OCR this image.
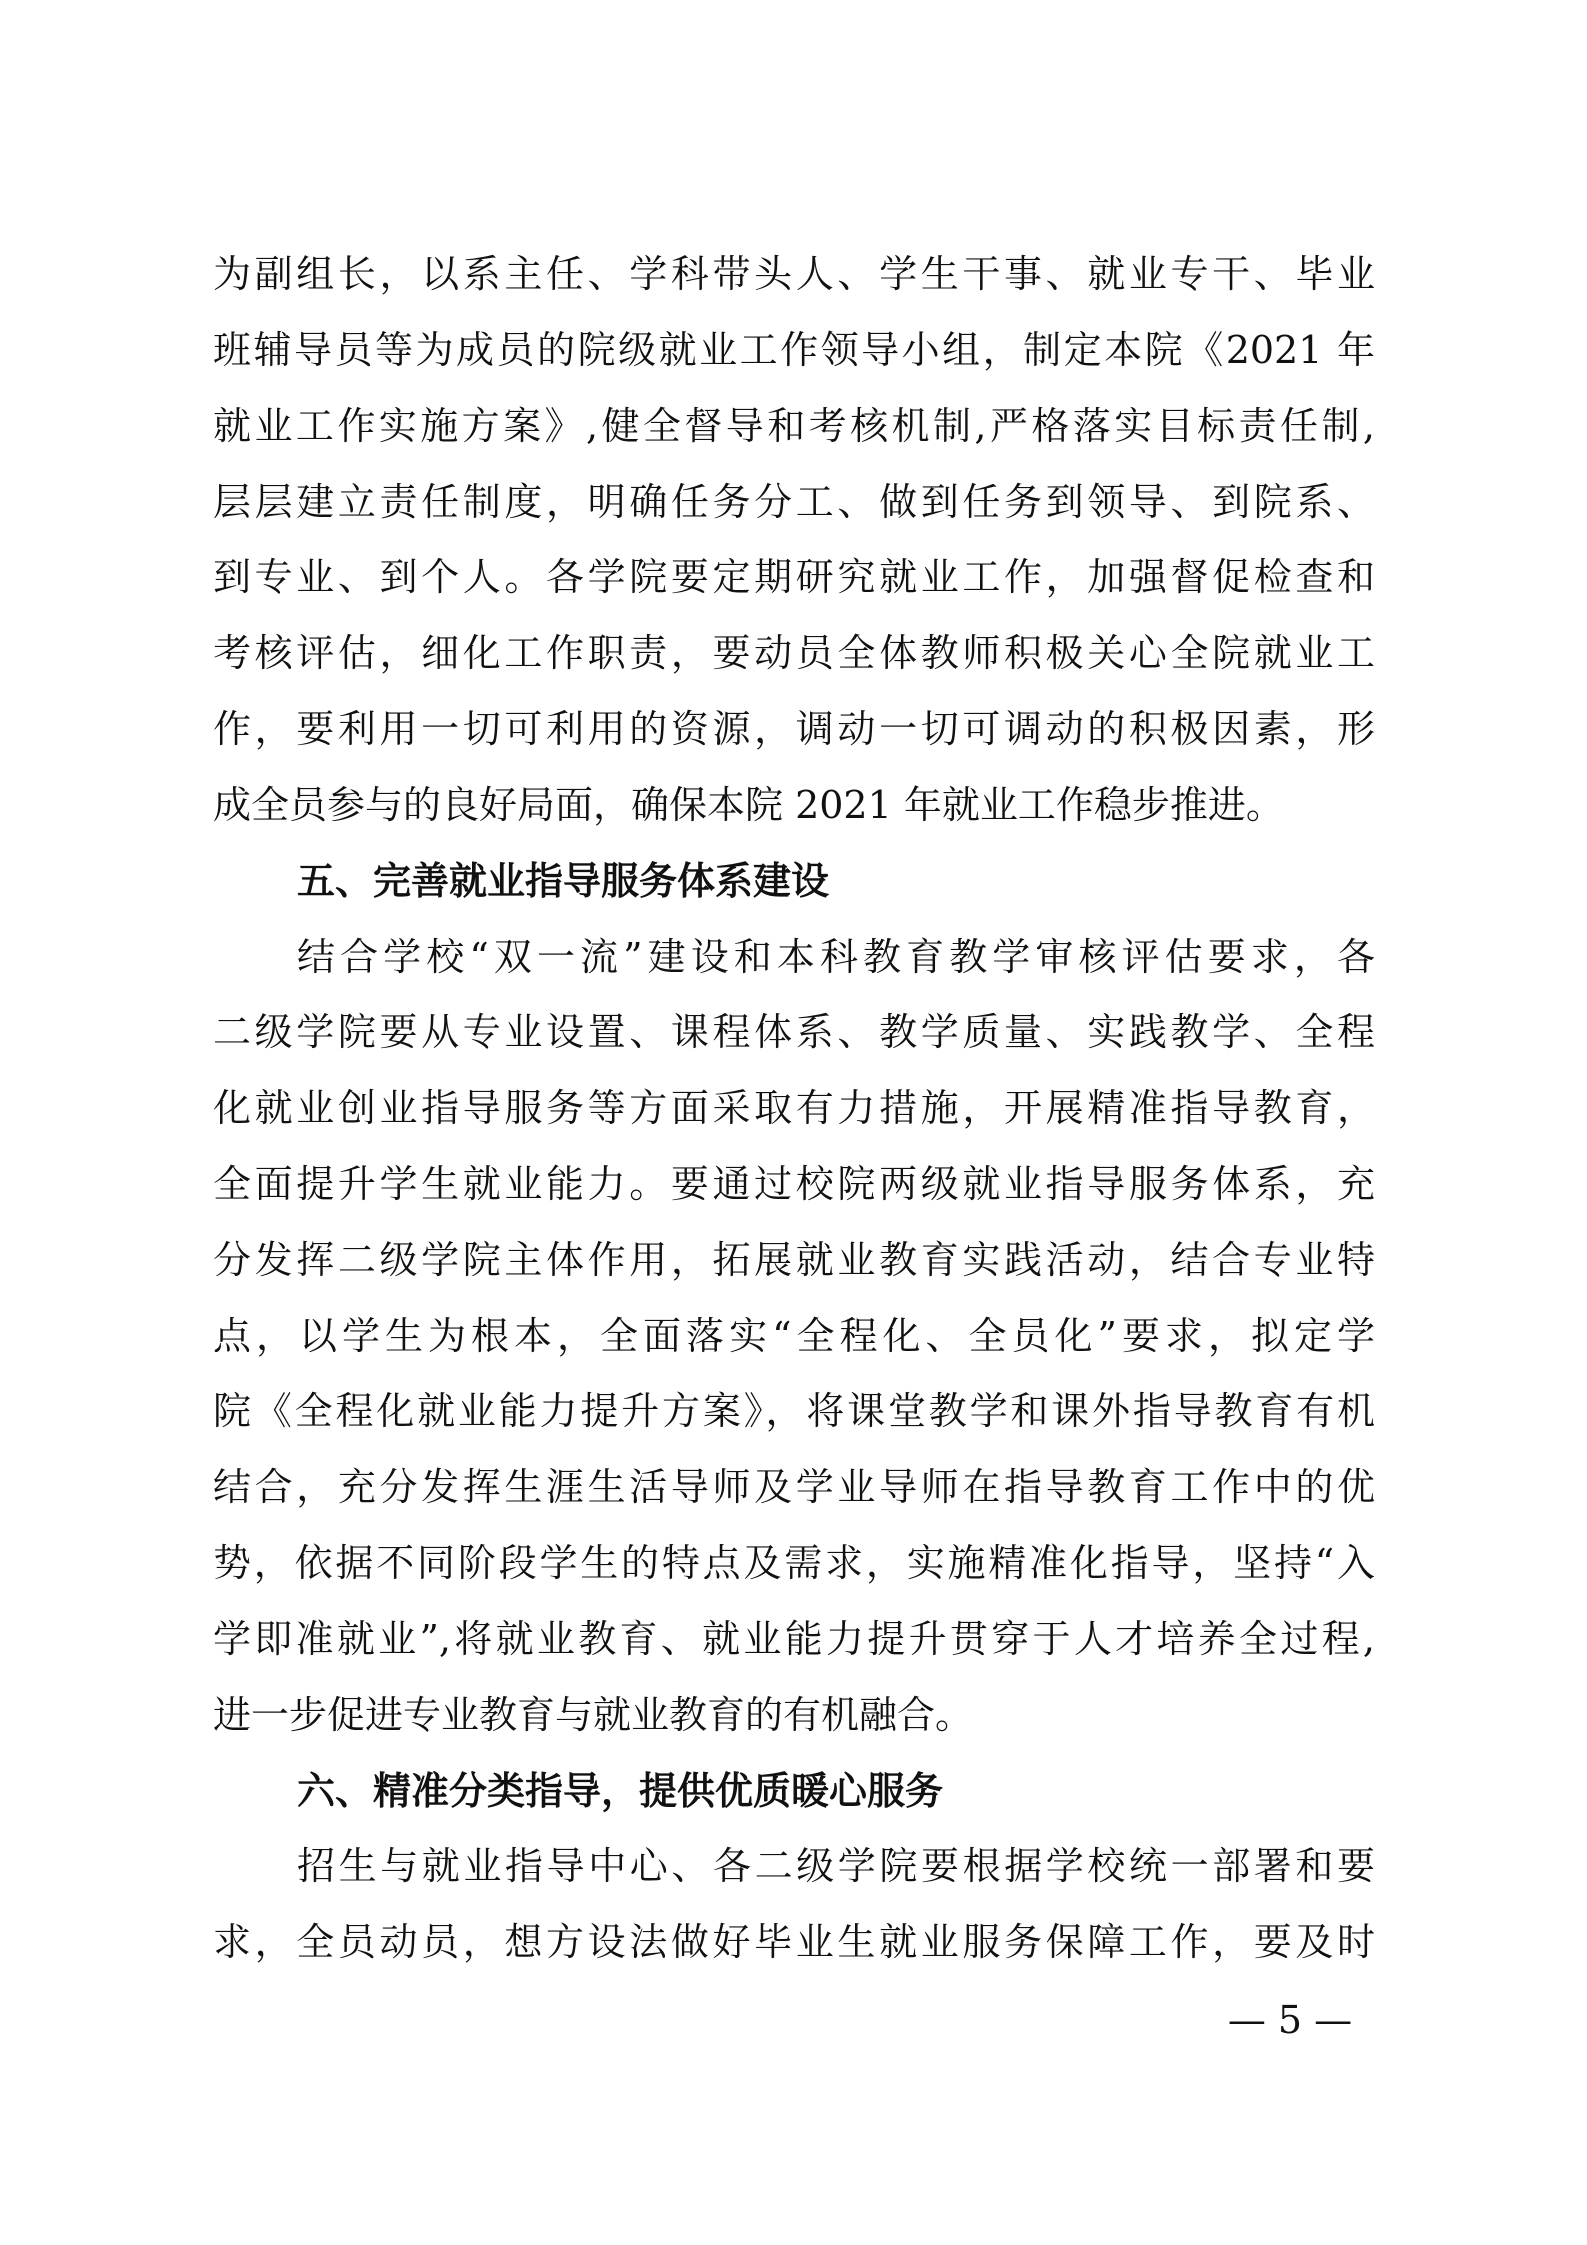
为副组长，以系主任、学科带头人、学生干事、就业专干、毕业
班辅导员等为成员的院级就业工作领导小组，制定本院《2021 年
就业工作实施方案》,健全督导和考核机制,严格落实目标责任制,
层层建立责任制度，明确任务分工、做到任务到领导、到院系、
到专业、到个人。各学院要定期研究就业工作，加强督促检查和
考核评估，细化工作职责，要动员全体教师积极关心全院就业工
作，要利用一切可利用的资源，调动一切可调动的积极因素，形
成全员参与的良好局面，确保本院 2021 年就业工作稳步推进。
五、完善就业指导服务体系建设
结合学校“双一流”建设和本科教育教学审核评估要求，各
二级学院要从专业设置、课程体系、教学质量、实践教学、全程
化就业创业指导服务等方面采取有力措施，开展精准指导教育，
全面提升学生就业能力。要通过校院两级就业指导服务体系，充
分发挥二级学院主体作用，拓展就业教育实践活动，结合专业特
点，以学生为根本，全面落实“全程化、全员化”要求，拟定学
院《全程化就业能力提升方案》，将课堂教学和课外指导教育有机
结合，充分发挥生涯生活导师及学业导师在指导教育工作中的优
势，依据不同阶段学生的特点及需求，实施精准化指导，坚持“入
学即准就业”,将就业教育、就业能力提升贯穿于人才培养全过程,
进一步促进专业教育与就业教育的有机融合。
六、精准分类指导，提供优质暖心服务
招生与就业指导中心、各二级学院要根据学校统一部署和要
求，全员动员，想方设法做好毕业生就业服务保障工作，要及时
— 5 —
